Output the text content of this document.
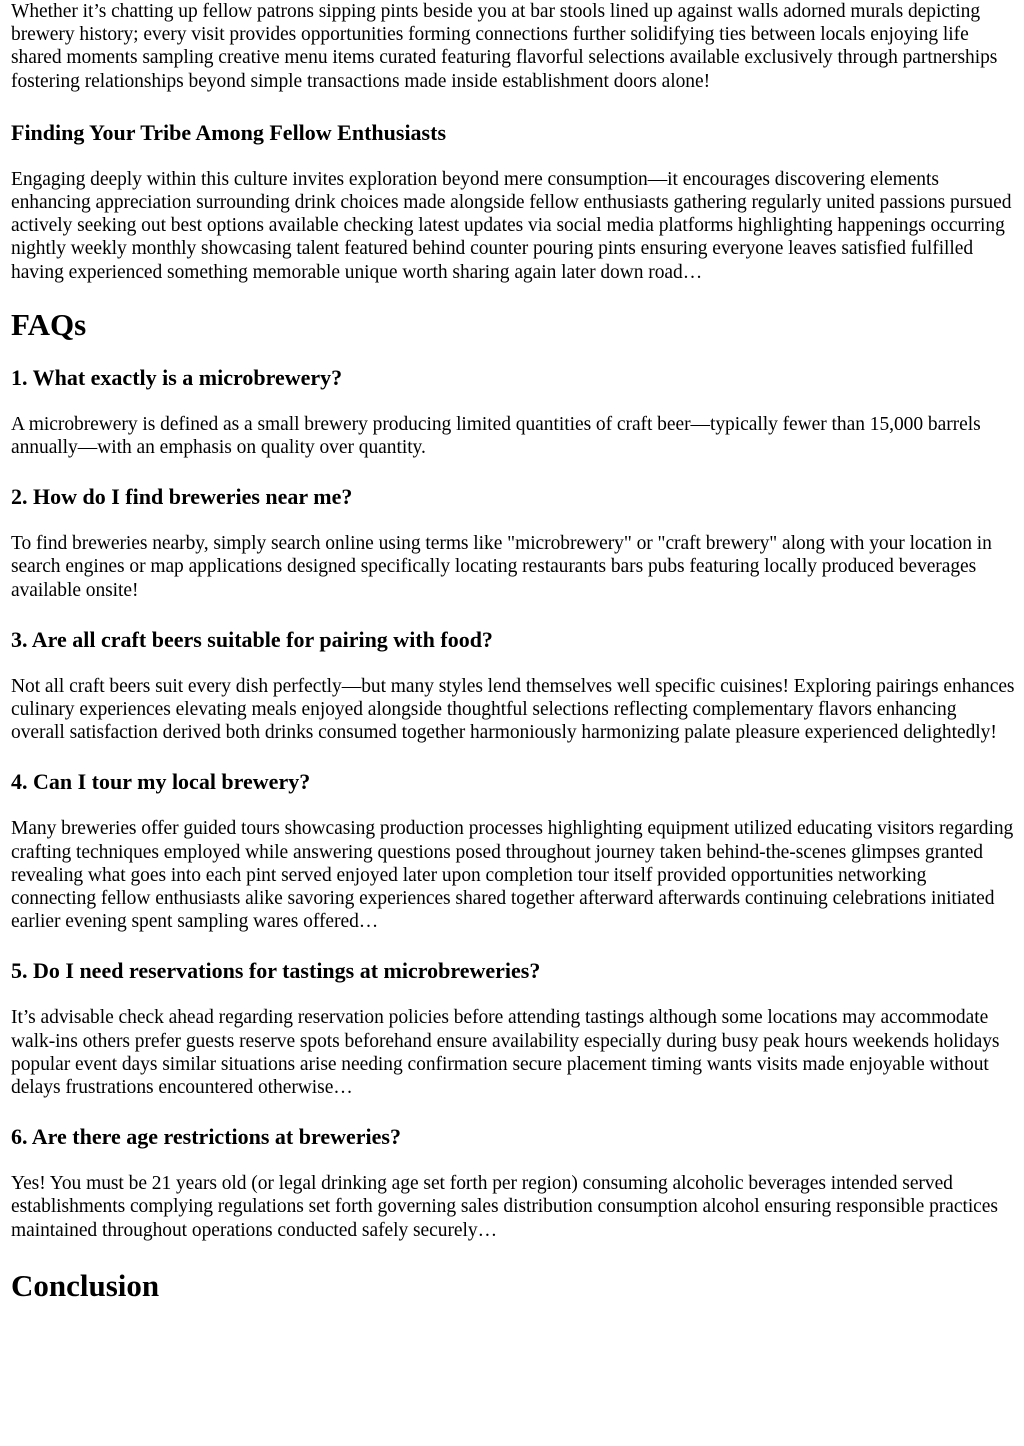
Whether it’s chatting up fellow patrons sipping pints beside you at bar stools lined up against walls adorned murals depicting brewery history; every visit provides opportunities forming connections further solidifying ties between locals enjoying life shared moments sampling creative menu items curated featuring flavorful selections available exclusively through partnerships fostering relationships beyond simple transactions made inside establishment doors alone!

Finding Your Tribe Among Fellow Enthusiasts

Engaging deeply within this culture invites exploration beyond mere consumption—it encourages discovering elements enhancing appreciation surrounding drink choices made alongside fellow enthusiasts gathering regularly united passions pursued actively seeking out best options available checking latest updates via social media platforms highlighting happenings occurring nightly weekly monthly showcasing talent featured behind counter pouring pints ensuring everyone leaves satisfied fulfilled having experienced something memorable unique worth sharing again later down road…

FAQs
1. What exactly is a microbrewery?

A microbrewery is defined as a small brewery producing limited quantities of craft beer—typically fewer than 15,000 barrels annually—with an emphasis on quality over quantity.

2. How do I find breweries near me?

To find breweries nearby, simply search online using terms like "microbrewery" or "craft brewery" along with your location in search engines or map applications designed specifically locating restaurants bars pubs featuring locally produced beverages available onsite!

3. Are all craft beers suitable for pairing with food?

Not all craft beers suit every dish perfectly—but many styles lend themselves well specific cuisines! Exploring pairings enhances culinary experiences elevating meals enjoyed alongside thoughtful selections reflecting complementary flavors enhancing overall satisfaction derived both drinks consumed together harmoniously harmonizing palate pleasure experienced delightedly!

4. Can I tour my local brewery?

Many breweries offer guided tours showcasing production processes highlighting equipment utilized educating visitors regarding crafting techniques employed while answering questions posed throughout journey taken behind-the-scenes glimpses granted revealing what goes into each pint served enjoyed later upon completion tour itself provided opportunities networking connecting fellow enthusiasts alike savoring experiences shared together afterward afterwards continuing celebrations initiated earlier evening spent sampling wares offered…

5. Do I need reservations for tastings at microbreweries?

It’s advisable check ahead regarding reservation policies before attending tastings although some locations may accommodate walk-ins others prefer guests reserve spots beforehand ensure availability especially during busy peak hours weekends holidays popular event days similar situations arise needing confirmation secure placement timing wants visits made enjoyable without delays frustrations encountered otherwise…

6. Are there age restrictions at breweries?

Yes! You must be 21 years old (or legal drinking age set forth per region) consuming alcoholic beverages intended served establishments complying regulations set forth governing sales distribution consumption alcohol ensuring responsible practices maintained throughout operations conducted safely securely…

Conclusion
